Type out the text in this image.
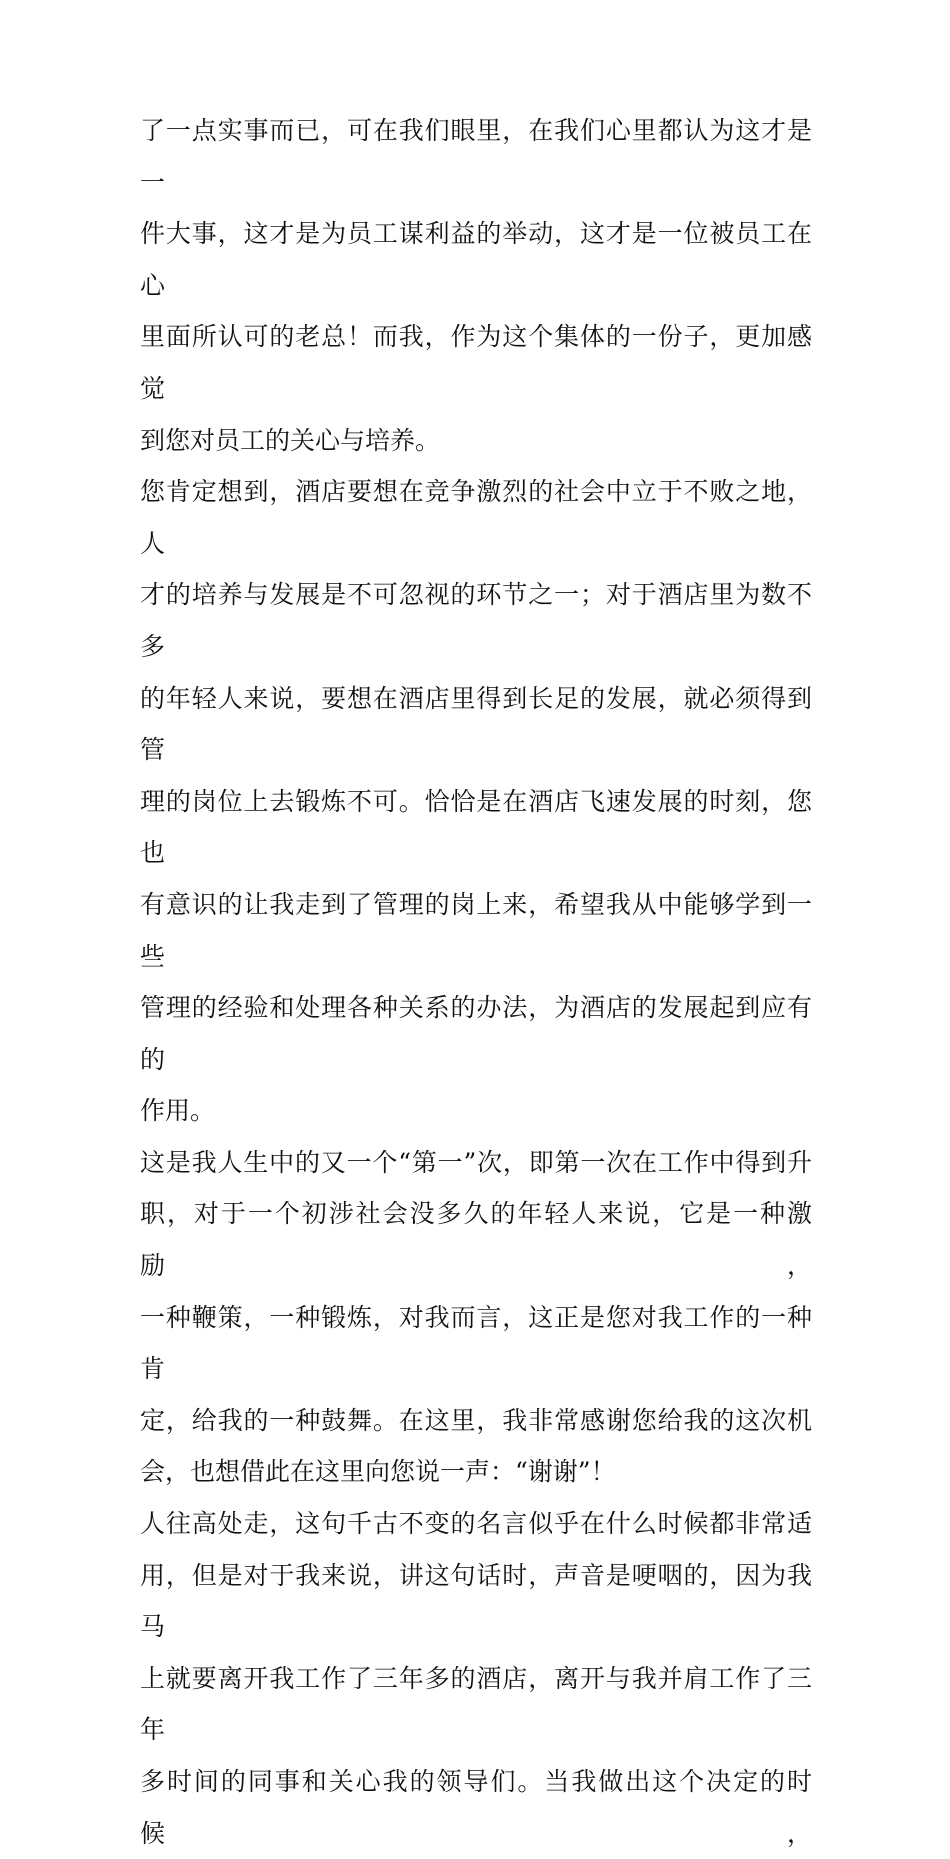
了一点实事而已，可在我们眼里，在我们心里都认为这才是一
件大事，这才是为员工谋利益的举动，这才是一位被员工在心
里面所认可的老总！而我，作为这个集体的一份子，更加感觉
到您对员工的关心与培养。
您肯定想到，酒店要想在竞争激烈的社会中立于不败之地，人
才的培养与发展是不可忽视的环节之一；对于酒店里为数不多
的年轻人来说，要想在酒店里得到长足的发展，就必须得到管
理的岗位上去锻炼不可。恰恰是在酒店飞速发展的时刻，您也
有意识的让我走到了管理的岗上来，希望我从中能够学到一些
管理的经验和处理各种关系的办法，为酒店的发展起到应有的
作用。
这是我人生中的又一个“第一”次，即第一次在工作中得到升
职，对于一个初涉社会没多久的年轻人来说，它是一种激励，
一种鞭策，一种锻炼，对我而言，这正是您对我工作的一种肯
定，给我的一种鼓舞。在这里，我非常感谢您给我的这次机
会，也想借此在这里向您说一声：“谢谢”！
人往高处走，这句千古不变的名言似乎在什么时候都非常适
用，但是对于我来说，讲这句话时，声音是哽咽的，因为我马
上就要离开我工作了三年多的酒店，离开与我并肩工作了三年
多时间的同事和关心我的领导们。当我做出这个决定的时候，
